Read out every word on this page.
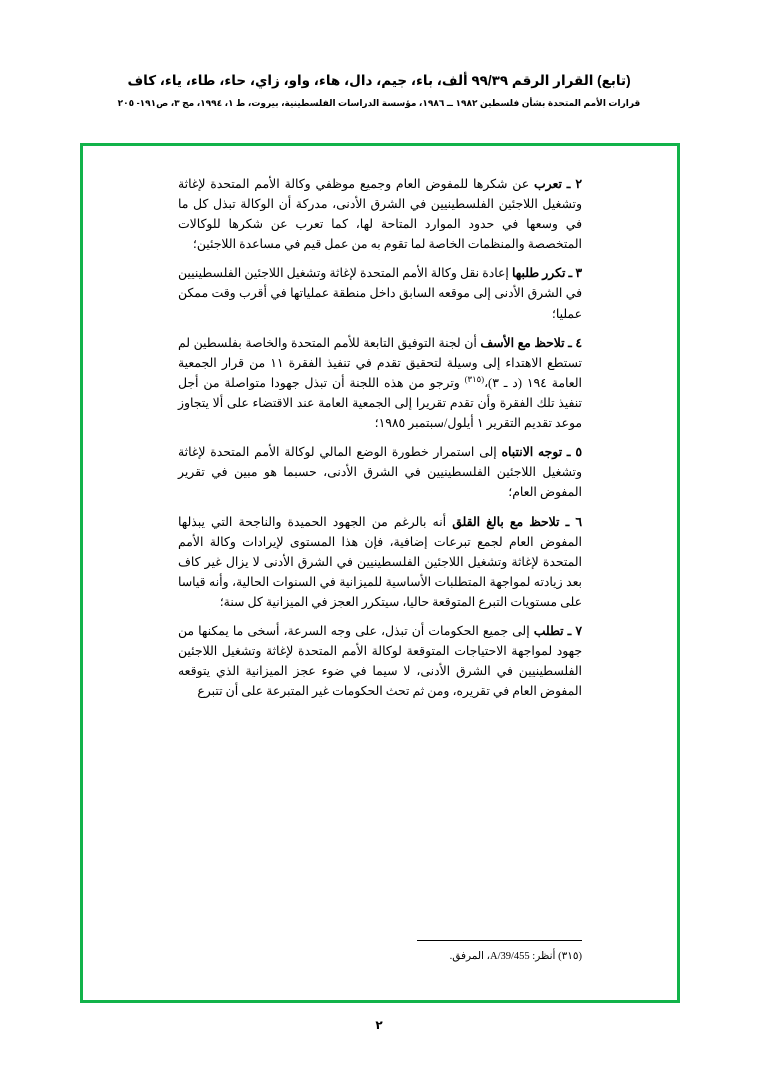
(تابع) القرار الرقم ٩٩/٣٩ ألف، باء، جيم، دال، هاء، واو، زاي، حاء، طاء، ياء، كاف
قرارات الأمم المتحدة بشأن فلسطين ١٩٨٢ ــ ١٩٨٦، مؤسسة الدراسات الفلسطينية، بيروت، ط ١، ١٩٩٤، مج ٣، ص١٩١- ٢٠٥

٢ ـ تعرب عن شكرها للمفوض العام وجميع موظفي وكالة الأمم المتحدة لإغاثة وتشغيل اللاجئين الفلسطينيين في الشرق الأدنى، مدركة أن الوكالة تبذل كل ما في وسعها في حدود الموارد المتاحة لها، كما تعرب عن شكرها للوكالات المتخصصة والمنظمات الخاصة لما تقوم به من عمل قيم في مساعدة اللاجئين؛

٣ ـ تكرر طلبها إعادة نقل وكالة الأمم المتحدة لإغاثة وتشغيل اللاجئين الفلسطينيين في الشرق الأدنى إلى موقعه السابق داخل منطقة عملياتها في أقرب وقت ممكن عمليا؛

٤ ـ تلاحظ مع الأسف أن لجنة التوفيق التابعة للأمم المتحدة والخاصة بفلسطين لم تستطع الاهتداء إلى وسيلة لتحقيق تقدم في تنفيذ الفقرة ١١ من قرار الجمعية العامة ١٩٤ (د ـ ٣)،$^{(٣١٥)}$ وترجو من هذه اللجنة أن تبذل جهودا متواصلة من أجل تنفيذ تلك الفقرة وأن تقدم تقريرا إلى الجمعية العامة عند الاقتضاء على ألا يتجاوز موعد تقديم التقرير ١ أيلول/سبتمبر ١٩٨٥؛

٥ ـ توجه الانتباه إلى استمرار خطورة الوضع المالي لوكالة الأمم المتحدة لإغاثة وتشغيل اللاجئين الفلسطينيين في الشرق الأدنى، حسبما هو مبين في تقرير المفوض العام؛

٦ ـ تلاحظ مع بالغ القلق أنه بالرغم من الجهود الحميدة والناجحة التي يبذلها المفوض العام لجمع تبرعات إضافية، فإن هذا المستوى لإيرادات وكالة الأمم المتحدة لإغاثة وتشغيل اللاجئين الفلسطينيين في الشرق الأدنى لا يزال غير كاف بعد زيادته لمواجهة المتطلبات الأساسية للميزانية في السنوات الحالية، وأنه قياسا على مستويات التبرع المتوقعة حاليا، سيتكرر العجز في الميزانية كل سنة؛

٧ ـ تطلب إلى جميع الحكومات أن تبذل، على وجه السرعة، أسخى ما يمكنها من جهود لمواجهة الاحتياجات المتوقعة لوكالة الأمم المتحدة لإغاثة وتشغيل اللاجئين الفلسطينيين في الشرق الأدنى، لا سيما في ضوء عجز الميزانية الذي يتوقعه المفوض العام في تقريره، ومن ثم تحث الحكومات غير المتبرعة على أن تتبرع

(٣١٥) أنظر: A/39/455، المرفق.
٢
